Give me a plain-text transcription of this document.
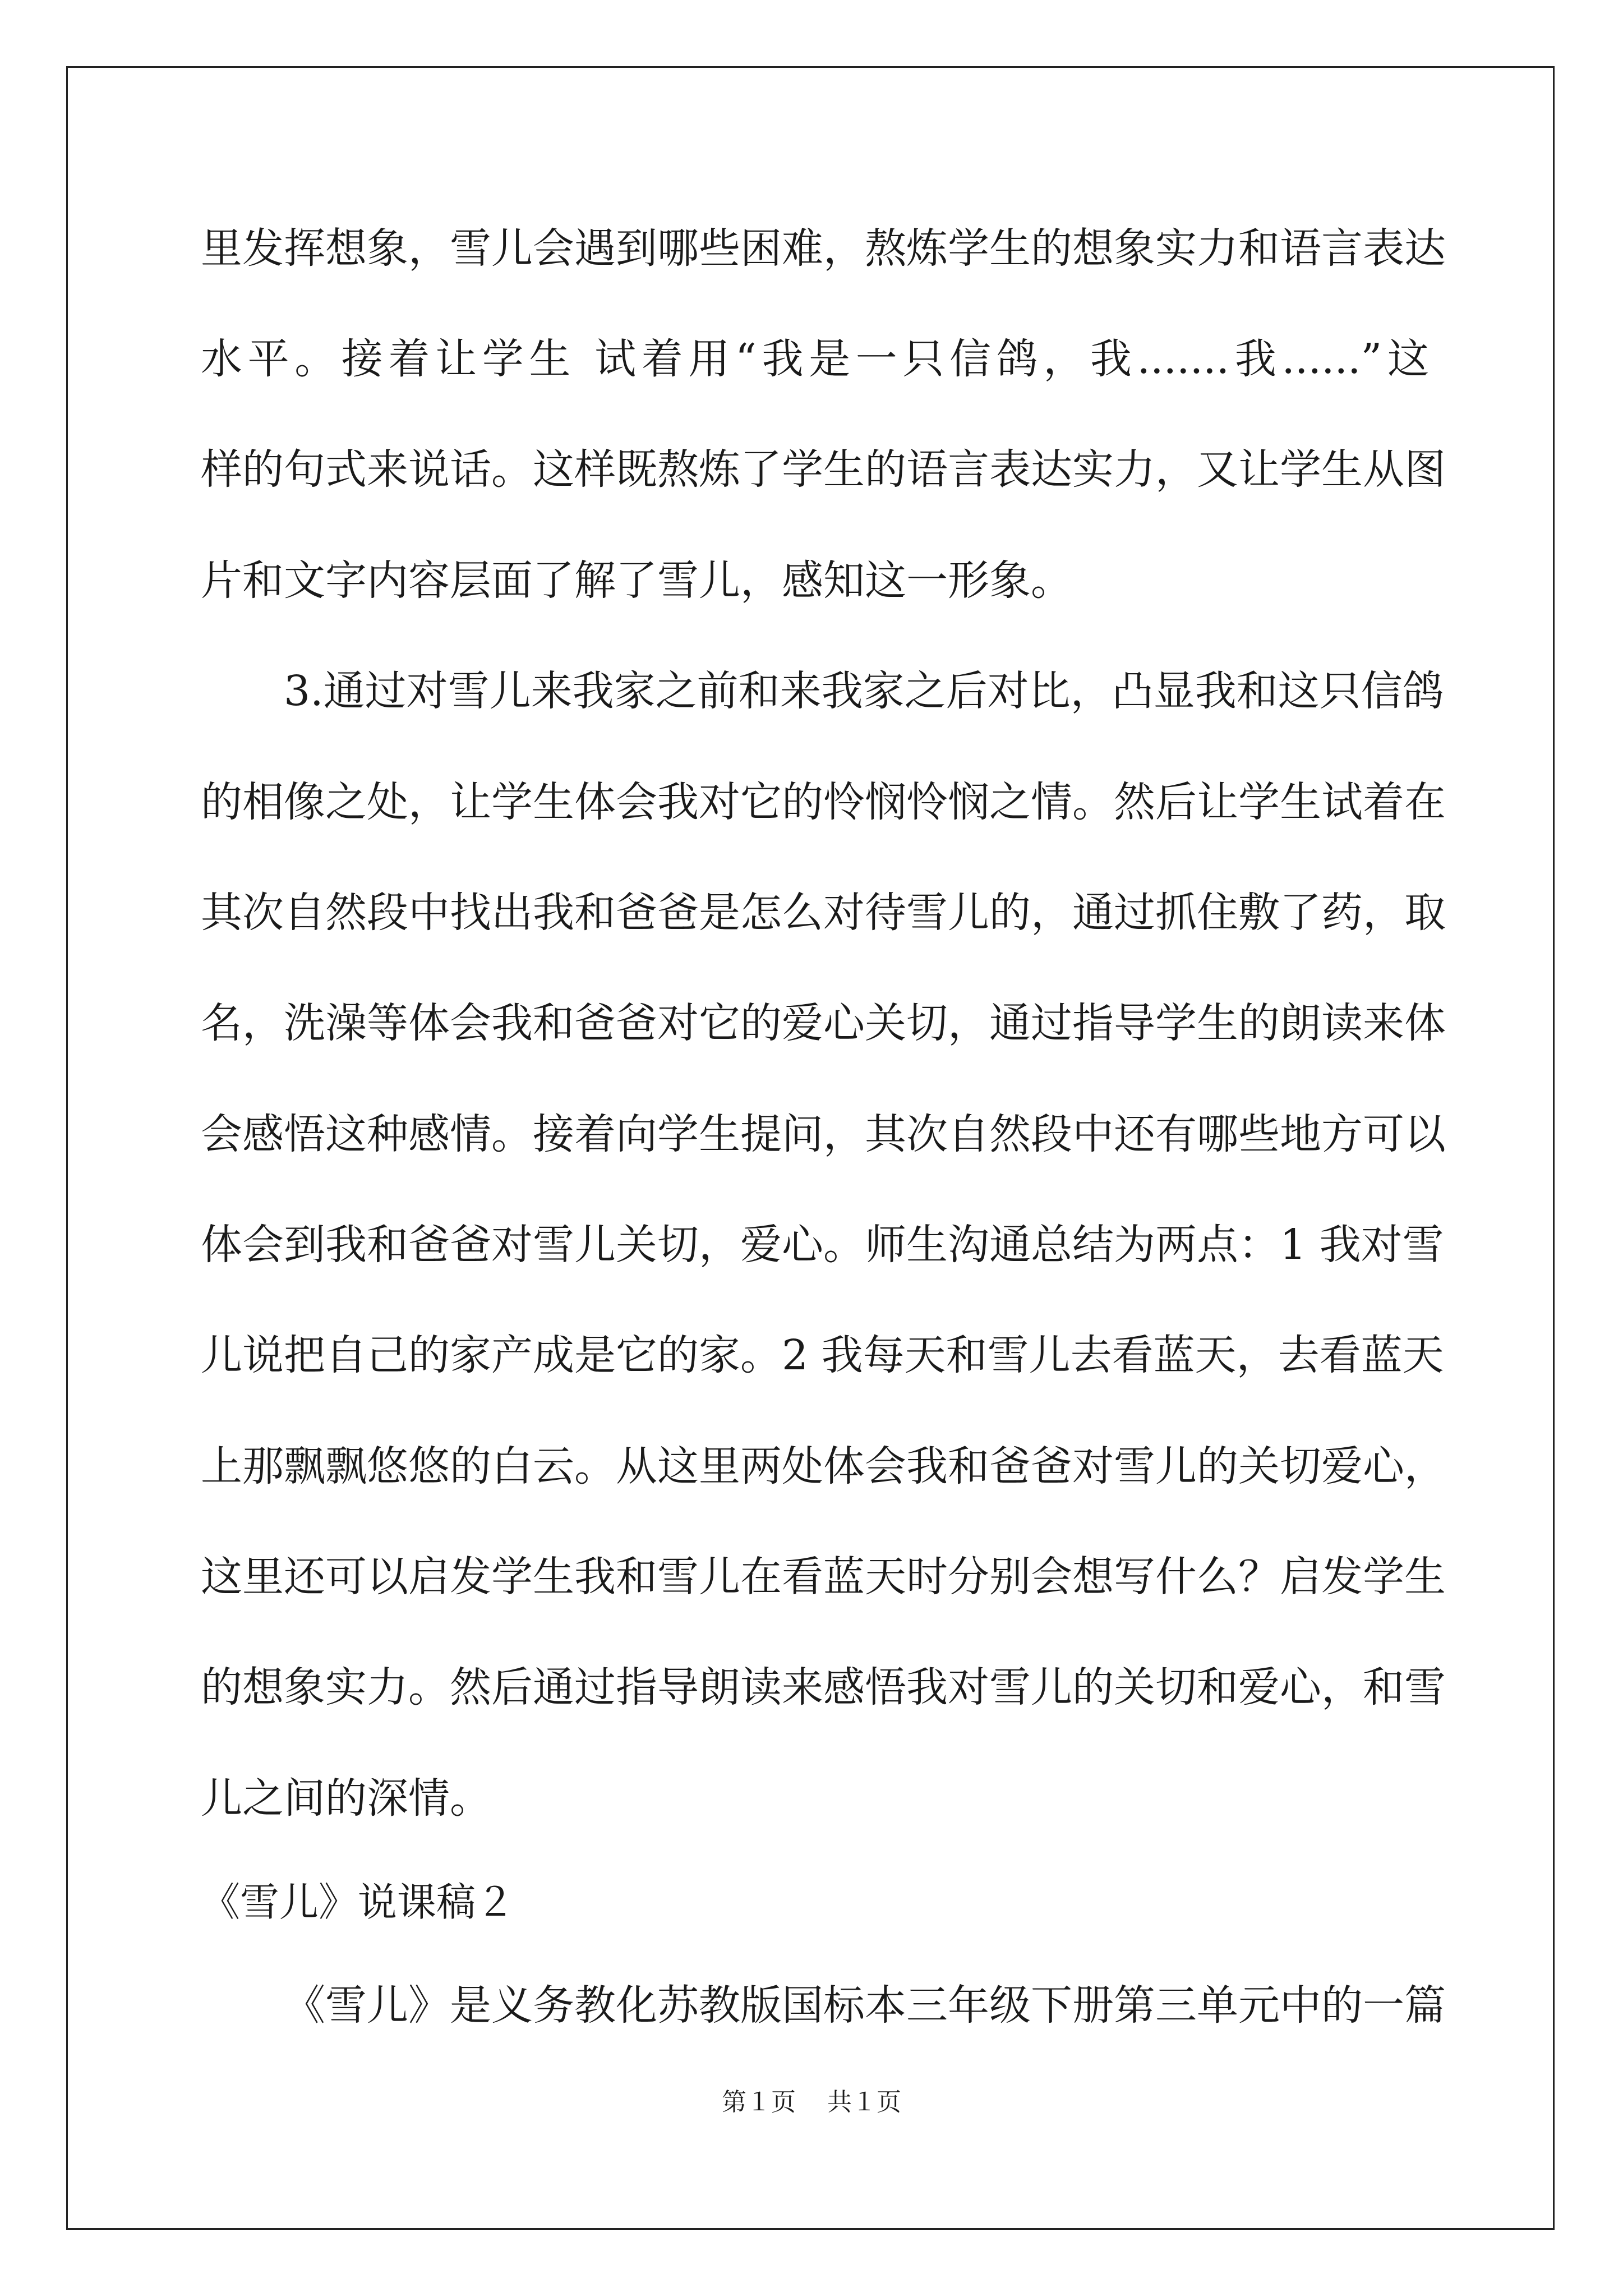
里发挥想象，雪儿会遇到哪些困难，熬炼学生的想象实力和语言表达
水平。接着让学生 试着用“我是一只信鸽，我.......我......”这
样的句式来说话。这样既熬炼了学生的语言表达实力，又让学生从图
片和文字内容层面了解了雪儿，感知这一形象。
3.通过对雪儿来我家之前和来我家之后对比，凸显我和这只信鸽
的相像之处，让学生体会我对它的怜悯怜悯之情。然后让学生试着在
其次自然段中找出我和爸爸是怎么对待雪儿的，通过抓住敷了药，取
名，洗澡等体会我和爸爸对它的爱心关切，通过指导学生的朗读来体
会感悟这种感情。接着向学生提问，其次自然段中还有哪些地方可以
体会到我和爸爸对雪儿关切，爱心。师生沟通总结为两点：1 我对雪
儿说把自己的家产成是它的家。2 我每天和雪儿去看蓝天，去看蓝天
上那飘飘悠悠的白云。从这里两处体会我和爸爸对雪儿的关切爱心，
这里还可以启发学生我和雪儿在看蓝天时分别会想写什么？启发学生
的想象实力。然后通过指导朗读来感悟我对雪儿的关切和爱心，和雪
儿之间的深情。
《雪儿》说课稿２
《雪儿》是义务教化苏教版国标本三年级下册第三单元中的一篇
第１页    共１页
